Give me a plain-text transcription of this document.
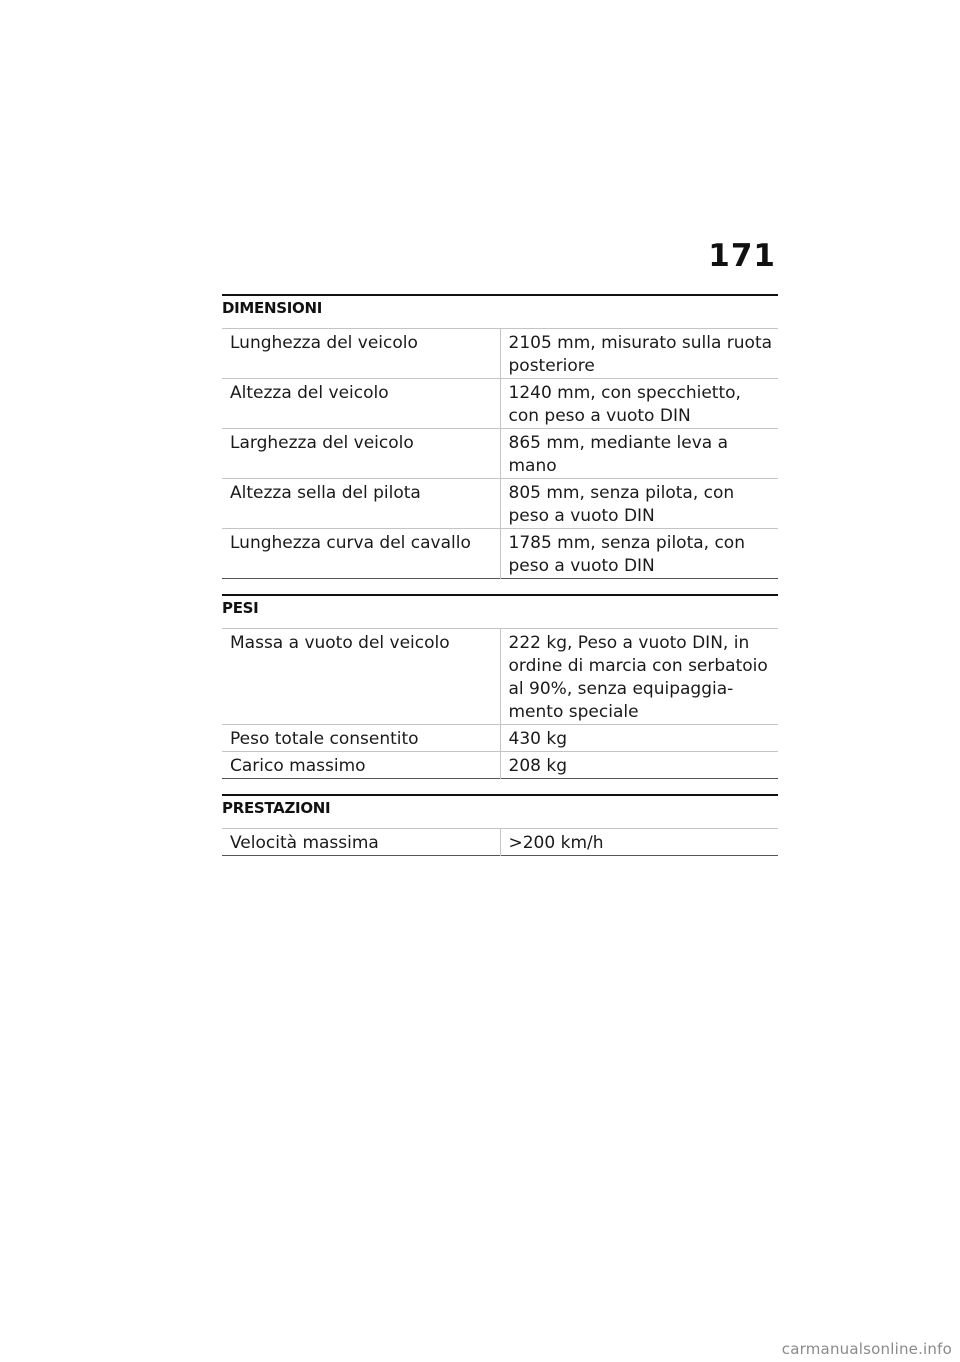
171
DIMENSIONI
Lunghezza del veicolo	2105 mm, misurato sulla ruota posteriore
Altezza del veicolo	1240 mm, con specchietto, con peso a vuoto DIN
Larghezza del veicolo	865 mm, mediante leva a mano
Altezza sella del pilota	805 mm, senza pilota, con peso a vuoto DIN
Lunghezza curva del cavallo	1785 mm, senza pilota, con peso a vuoto DIN
PESI
Massa a vuoto del veicolo	222 kg, Peso a vuoto DIN, in ordine di marcia con serbatoio al 90%, senza equipaggiamento speciale
Peso totale consentito	430 kg
Carico massimo	208 kg
PRESTAZIONI
Velocità massima	>200 km/h
carmanualsonline.info
